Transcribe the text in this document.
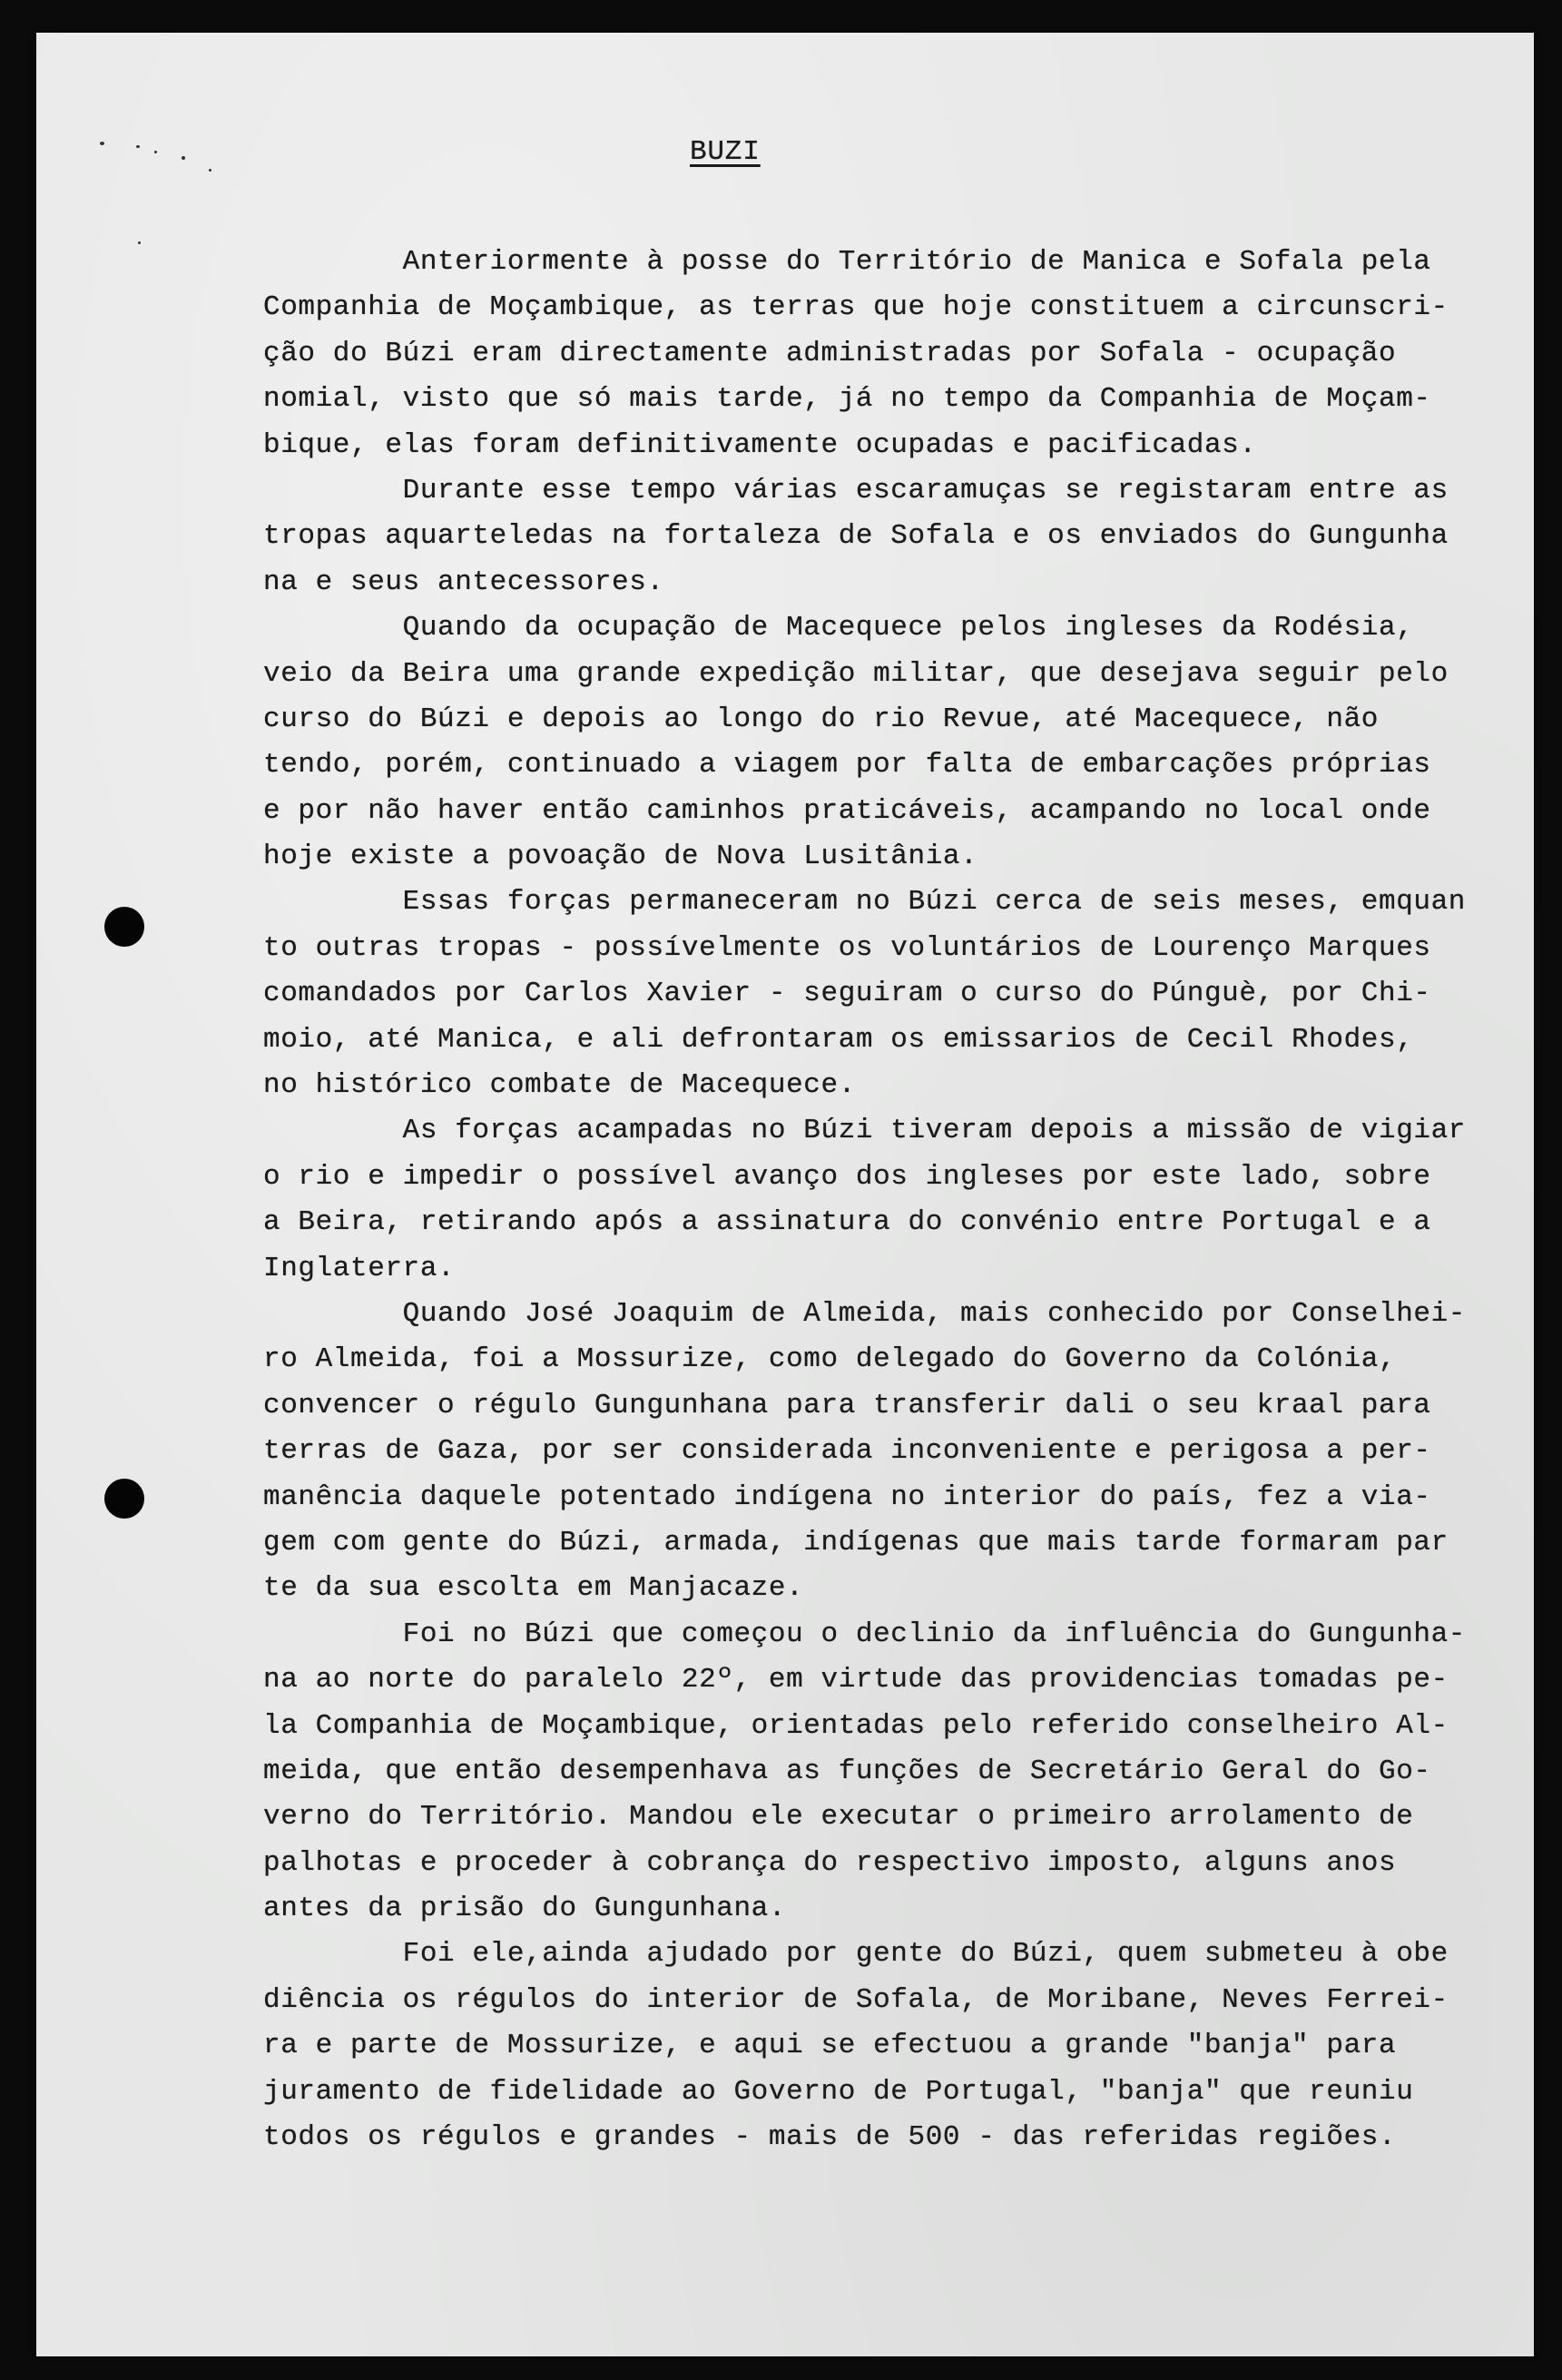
BUZI
Anteriormente à posse do Território de Manica e Sofala pela
Companhia de Moçambique, as terras que hoje constituem a circunscri-
ção do Búzi eram directamente administradas por Sofala - ocupação
nomial, visto que só mais tarde, já no tempo da Companhia de Moçam-
bique, elas foram definitivamente ocupadas e pacificadas.
Durante esse tempo várias escaramuças se registaram entre as
tropas aquarteledas na fortaleza de Sofala e os enviados do Gungunha
na e seus antecessores.
Quando da ocupação de Macequece pelos ingleses da Rodésia,
veio da Beira uma grande expedição militar, que desejava seguir pelo
curso do Búzi e depois ao longo do rio Revue, até Macequece, não
tendo, porém, continuado a viagem por falta de embarcações próprias
e por não haver então caminhos praticáveis, acampando no local onde
hoje existe a povoação de Nova Lusitânia.
Essas forças permaneceram no Búzi cerca de seis meses, emquan
to outras tropas - possívelmente os voluntários de Lourenço Marques
comandados por Carlos Xavier - seguiram o curso do Púnguè, por Chi-
moio, até Manica, e ali defrontaram os emissarios de Cecil Rhodes,
no histórico combate de Macequece.
As forças acampadas no Búzi tiveram depois a missão de vigiar
o rio e impedir o possível avanço dos ingleses por este lado, sobre
a Beira, retirando após a assinatura do convénio entre Portugal e a
Inglaterra.
Quando José Joaquim de Almeida, mais conhecido por Conselhei-
ro Almeida, foi a Mossurize, como delegado do Governo da Colónia,
convencer o régulo Gungunhana para transferir dali o seu kraal para
terras de Gaza, por ser considerada inconveniente e perigosa a per-
manência daquele potentado indígena no interior do país, fez a via-
gem com gente do Búzi, armada, indígenas que mais tarde formaram par
te da sua escolta em Manjacaze.
Foi no Búzi que começou o declinio da influência do Gungunha-
na ao norte do paralelo 22º, em virtude das providencias tomadas pe-
la Companhia de Moçambique, orientadas pelo referido conselheiro Al-
meida, que então desempenhava as funções de Secretário Geral do Go-
verno do Território. Mandou ele executar o primeiro arrolamento de
palhotas e proceder à cobrança do respectivo imposto, alguns anos
antes da prisão do Gungunhana.
Foi ele,ainda ajudado por gente do Búzi, quem submeteu à obe
diência os régulos do interior de Sofala, de Moribane, Neves Ferrei-
ra e parte de Mossurize, e aqui se efectuou a grande "banja" para
juramento de fidelidade ao Governo de Portugal, "banja" que reuniu
todos os régulos e grandes - mais de 500 - das referidas regiões.
